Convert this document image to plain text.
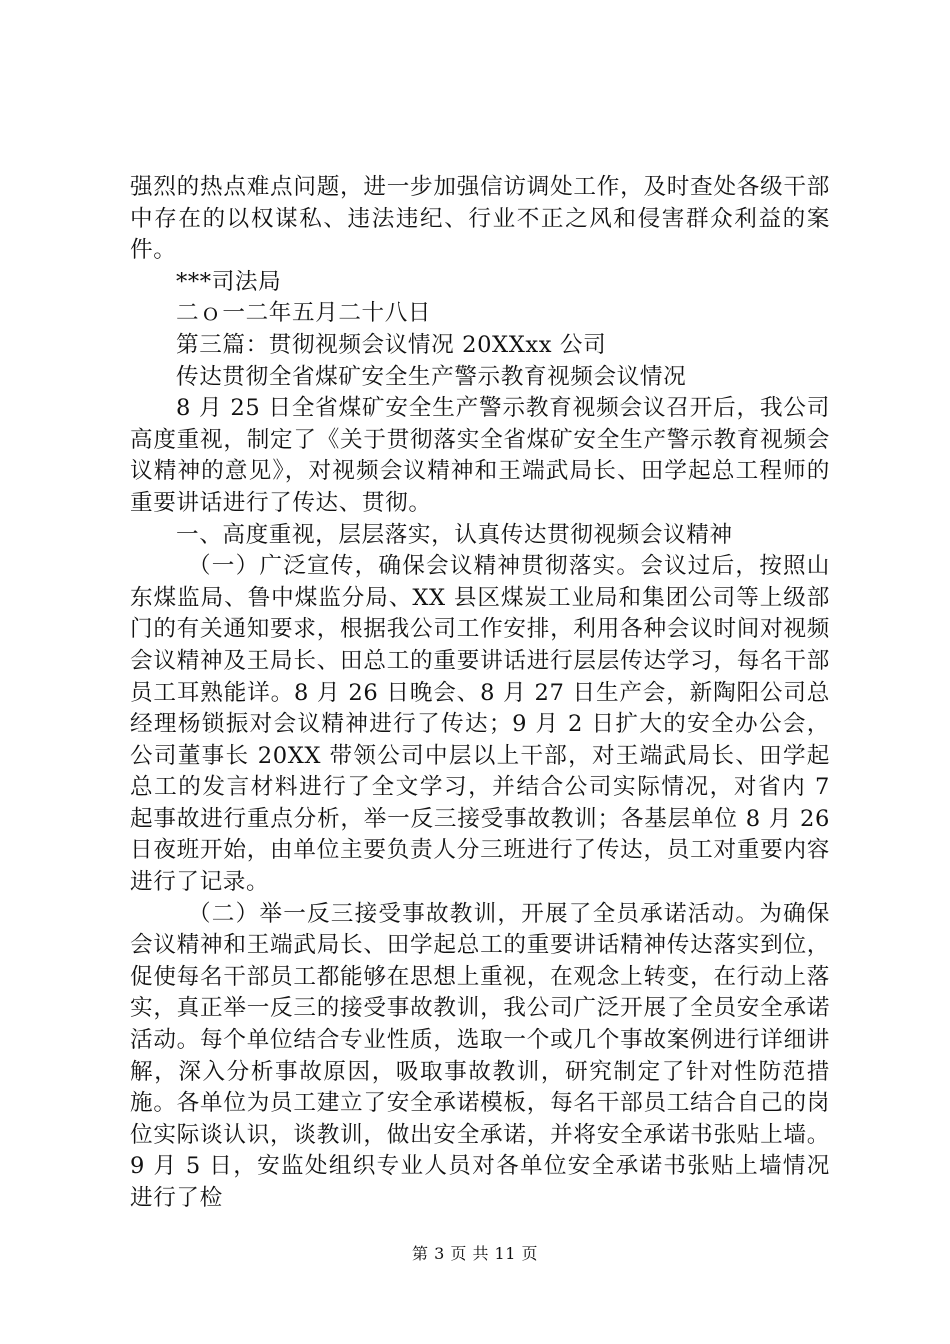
强烈的热点难点问题，进一步加强信访调处工作，及时查处各级干部中存在的以权谋私、违法违纪、行业不正之风和侵害群众利益的案件。

***司法局

二ｏ一二年五月二十八日

第三篇：贯彻视频会议情况 20XXxx 公司

传达贯彻全省煤矿安全生产警示教育视频会议情况

8 月 25 日全省煤矿安全生产警示教育视频会议召开后，我公司高度重视，制定了《关于贯彻落实全省煤矿安全生产警示教育视频会议精神的意见》，对视频会议精神和王端武局长、田学起总工程师的重要讲话进行了传达、贯彻。

一、高度重视，层层落实，认真传达贯彻视频会议精神

（一）广泛宣传，确保会议精神贯彻落实。会议过后，按照山东煤监局、鲁中煤监分局、XX 县区煤炭工业局和集团公司等上级部门的有关通知要求，根据我公司工作安排，利用各种会议时间对视频会议精神及王局长、田总工的重要讲话进行层层传达学习，每名干部员工耳熟能详。8 月 26 日晚会、8 月 27 日生产会，新陶阳公司总经理杨锁振对会议精神进行了传达；9 月 2 日扩大的安全办公会，公司董事长 20XX 带领公司中层以上干部，对王端武局长、田学起总工的发言材料进行了全文学习，并结合公司实际情况，对省内 7 起事故进行重点分析，举一反三接受事故教训；各基层单位 8 月 26 日夜班开始，由单位主要负责人分三班进行了传达，员工对重要内容进行了记录。

（二）举一反三接受事故教训，开展了全员承诺活动。为确保会议精神和王端武局长、田学起总工的重要讲话精神传达落实到位，促使每名干部员工都能够在思想上重视，在观念上转变，在行动上落实，真正举一反三的接受事故教训，我公司广泛开展了全员安全承诺活动。每个单位结合专业性质，选取一个或几个事故案例进行详细讲解，深入分析事故原因，吸取事故教训，研究制定了针对性防范措施。各单位为员工建立了安全承诺模板，每名干部员工结合自己的岗位实际谈认识，谈教训，做出安全承诺，并将安全承诺书张贴上墙。9 月 5 日，安监处组织专业人员对各单位安全承诺书张贴上墙情况进行了检

第 3 页 共 11 页
